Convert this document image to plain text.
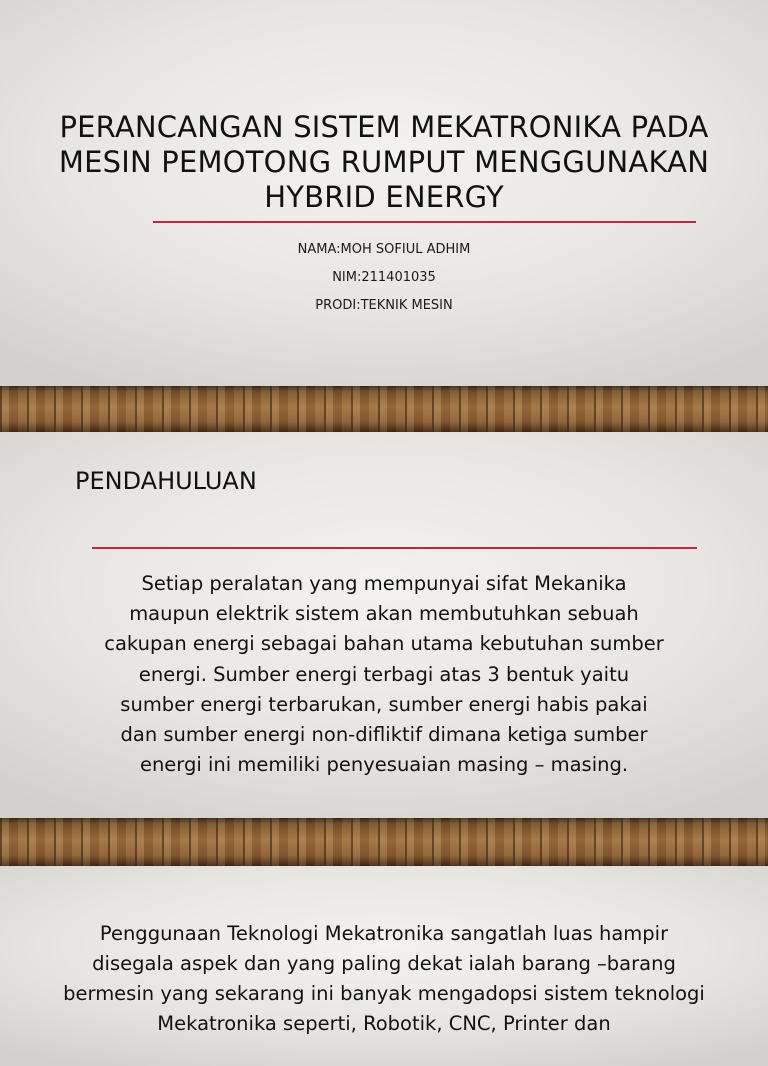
PERANCANGAN SISTEM MEKATRONIKA PADA MESIN PEMOTONG RUMPUT MENGGUNAKAN HYBRID ENERGY
NAMA:MOH SOFIUL ADHIM
NIM:211401035
PRODI:TEKNIK MESIN
PENDAHULUAN

Setiap peralatan yang mempunyai sifat Mekanika maupun elektrik sistem akan membutuhkan sebuah cakupan energi sebagai bahan utama kebutuhan sumber energi. Sumber energi terbagi atas 3 bentuk yaitu sumber energi terbarukan, sumber energi habis pakai dan sumber energi non-difliktif dimana ketiga sumber energi ini memiliki penyesuaian masing – masing.

Penggunaan Teknologi Mekatronika sangatlah luas hampir disegala aspek dan yang paling dekat ialah barang –barang bermesin yang sekarang ini banyak mengadopsi sistem teknologi Mekatronika seperti, Robotik, CNC, Printer dan
